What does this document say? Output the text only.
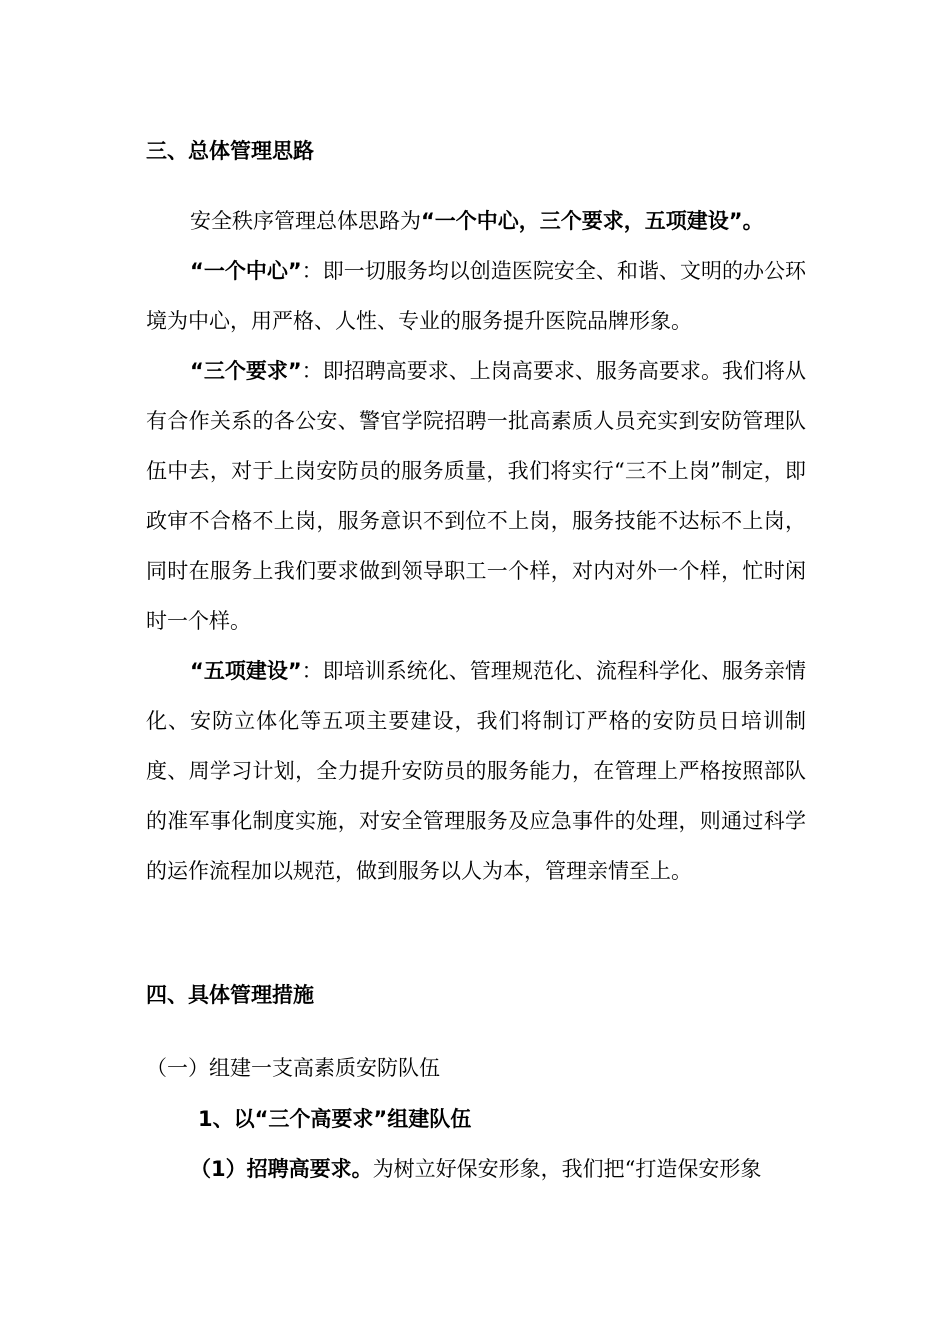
三、总体管理思路

安全秩序管理总体思路为“一个中心，三个要求，五项建设”。

“一个中心”：即一切服务均以创造医院安全、和谐、文明的办公环境为中心，用严格、人性、专业的服务提升医院品牌形象。

“三个要求”：即招聘高要求、上岗高要求、服务高要求。我们将从有合作关系的各公安、警官学院招聘一批高素质人员充实到安防管理队伍中去，对于上岗安防员的服务质量，我们将实行“三不上岗”制定，即政审不合格不上岗，服务意识不到位不上岗，服务技能不达标不上岗，同时在服务上我们要求做到领导职工一个样，对内对外一个样，忙时闲时一个样。

“五项建设”：即培训系统化、管理规范化、流程科学化、服务亲情化、安防立体化等五项主要建设，我们将制订严格的安防员日培训制度、周学习计划，全力提升安防员的服务能力，在管理上严格按照部队的准军事化制度实施，对安全管理服务及应急事件的处理，则通过科学的运作流程加以规范，做到服务以人为本，管理亲情至上。

四、具体管理措施

（一）组建一支高素质安防队伍

1、以“三个高要求”组建队伍

（1）招聘高要求。为树立好保安形象，我们把“打造保安形象
